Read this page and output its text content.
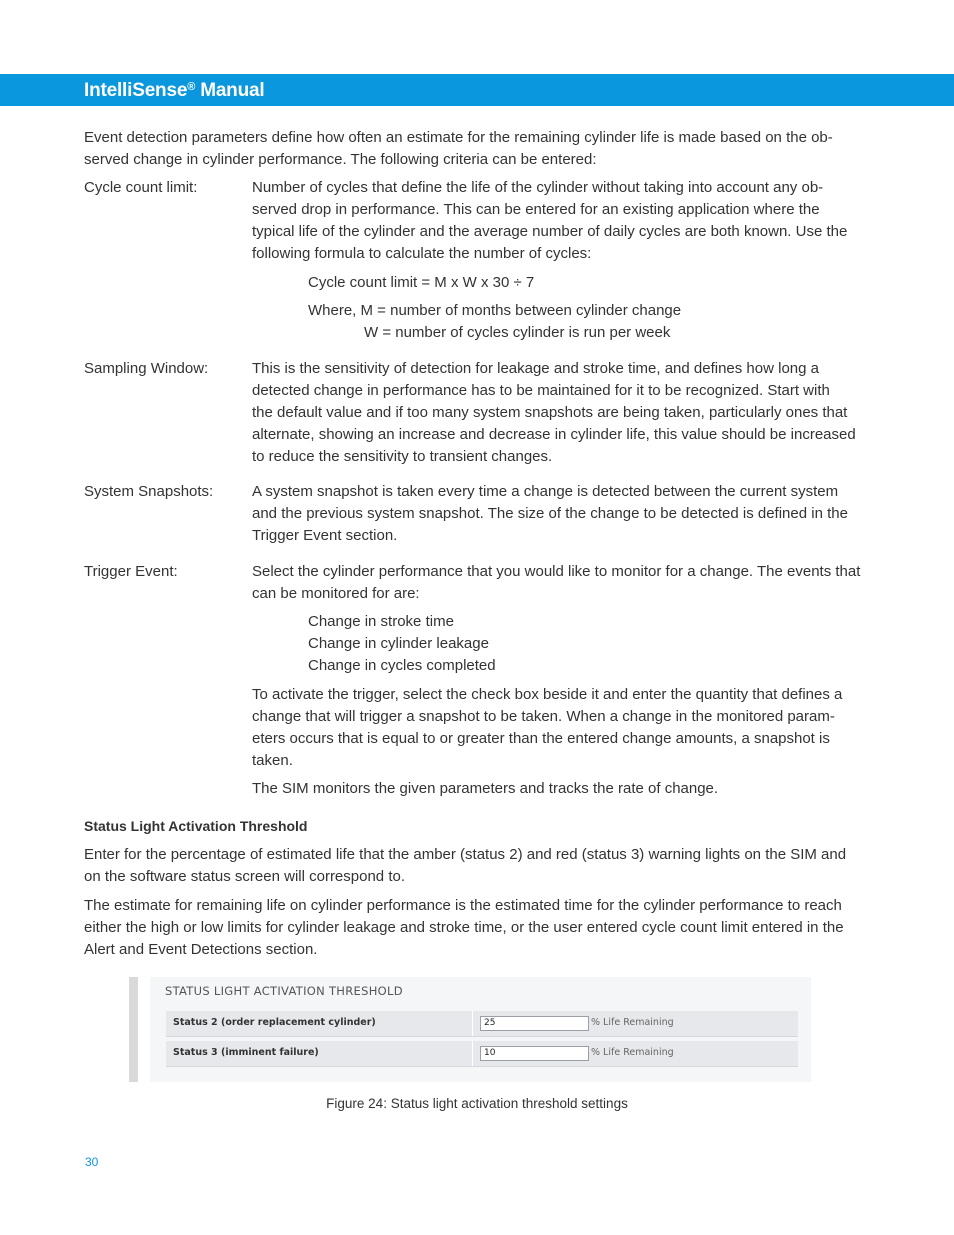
IntelliSense® Manual

Event detection parameters define how often an estimate for the remaining cylinder life is made based on the ob-
served change in cylinder performance. The following criteria can be entered:

Cycle count limit:	Number of cycles that define the life of the cylinder without taking into account any ob-
served drop in performance. This can be entered for an existing application where the
typical life of the cylinder and the average number of daily cycles are both known. Use the
following formula to calculate the number of cycles:

Cycle count limit = M x W x 30 ÷ 7
Where, M = number of months between cylinder change
W = number of cycles cylinder is run per week
Sampling Window:	This is the sensitivity of detection for leakage and stroke time, and defines how long a
detected change in performance has to be maintained for it to be recognized. Start with
the default value and if too many system snapshots are being taken, particularly ones that
alternate, showing an increase and decrease in cylinder life, this value should be increased
to reduce the sensitivity to transient changes.

System Snapshots:	A system snapshot is taken every time a change is detected between the current system
and the previous system snapshot. The size of the change to be detected is defined in the
Trigger Event section.

Trigger Event:	Select the cylinder performance that you would like to monitor for a change. The events that
can be monitored for are:

Change in stroke time
Change in cylinder leakage
Change in cycles completed

To activate the trigger, select the check box beside it and enter the quantity that defines a
change that will trigger a snapshot to be taken. When a change in the monitored param-
eters occurs that is equal to or greater than the entered change amounts, a snapshot is
taken.

The SIM monitors the given parameters and tracks the rate of change.

Status Light Activation Threshold

Enter for the percentage of estimated life that the amber (status 2) and red (status 3) warning lights on the SIM and
on the software status screen will correspond to.

The estimate for remaining life on cylinder performance is the estimated time for the cylinder performance to reach
either the high or low limits for cylinder leakage and stroke time, or the user entered cycle count limit entered in the
Alert and Event Detections section.

STATUS LIGHT ACTIVATION THRESHOLD
Status 2 (order replacement cylinder)	25	% Life Remaining
Status 3 (imminent failure)	10	% Life Remaining
Figure 24: Status light activation threshold settings
30
